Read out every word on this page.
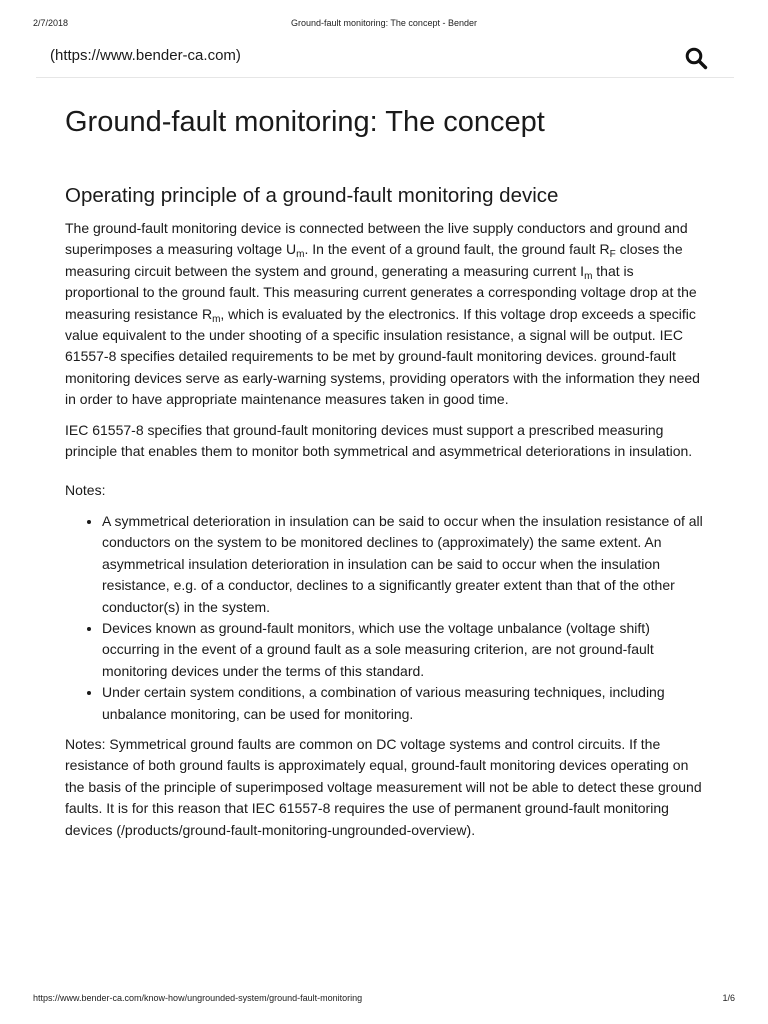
2/7/2018	Ground-fault monitoring: The concept - Bender
(https://www.bender-ca.com)
Ground-fault monitoring: The concept
Operating principle of a ground-fault monitoring device

The ground-fault monitoring device is connected between the live supply conductors and ground and superimposes a measuring voltage $U_m$. In the event of a ground fault, the ground fault $R_F$ closes the measuring circuit between the system and ground, generating a measuring current $I_m$ that is proportional to the ground fault. This measuring current generates a corresponding voltage drop at the measuring resistance $R_m$, which is evaluated by the electronics. If this voltage drop exceeds a specific value equivalent to the under shooting of a specific insulation resistance, a signal will be output. IEC 61557-8 specifies detailed requirements to be met by ground-fault monitoring devices. ground-fault monitoring devices serve as early-warning systems, providing operators with the information they need in order to have appropriate maintenance measures taken in good time.

IEC 61557-8 specifies that ground-fault monitoring devices must support a prescribed measuring principle that enables them to monitor both symmetrical and asymmetrical deteriorations in insulation.

Notes:

• A symmetrical deterioration in insulation can be said to occur when the insulation resistance of all conductors on the system to be monitored declines to (approximately) the same extent. An asymmetrical insulation deterioration in insulation can be said to occur when the insulation resistance, e.g. of a conductor, declines to a significantly greater extent than that of the other conductor(s) in the system.
• Devices known as ground-fault monitors, which use the voltage unbalance (voltage shift) occurring in the event of a ground fault as a sole measuring criterion, are not ground-fault monitoring devices under the terms of this standard.
• Under certain system conditions, a combination of various measuring techniques, including unbalance monitoring, can be used for monitoring.

Notes: Symmetrical ground faults are common on DC voltage systems and control circuits. If the resistance of both ground faults is approximately equal, ground-fault monitoring devices operating on the basis of the principle of superimposed voltage measurement will not be able to detect these ground faults. It is for this reason that IEC 61557-8 requires the use of permanent ground-fault monitoring devices (/products/ground-fault-monitoring-ungrounded-overview).

https://www.bender-ca.com/know-how/ungrounded-system/ground-fault-monitoring	1/6
